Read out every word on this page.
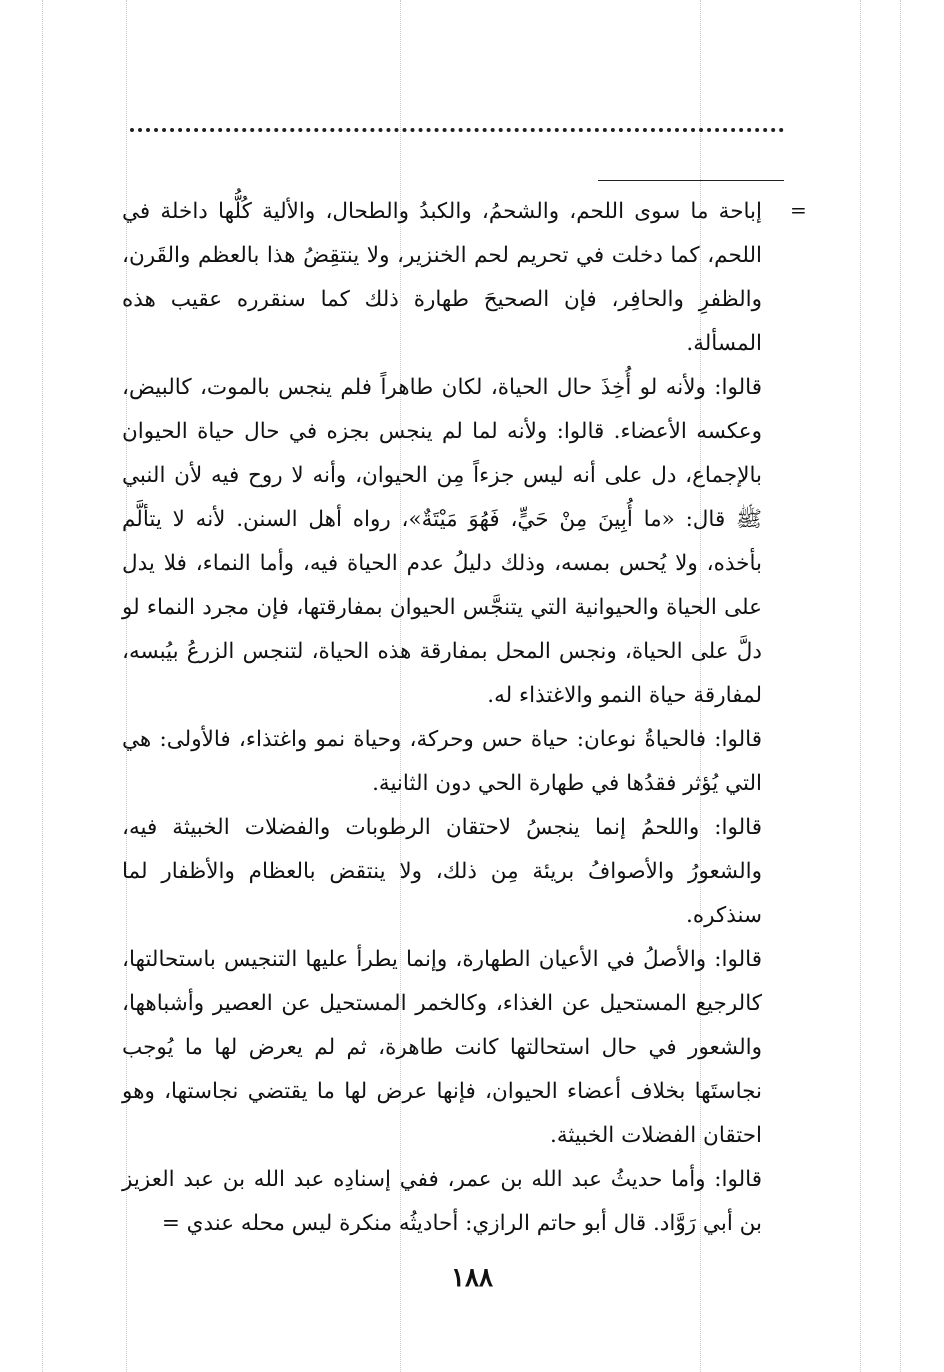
=

إباحة ما سوى اللحم، والشحمُ، والكبدُ والطحال، والألية كُلُّها داخلة في اللحم، كما دخلت في تحريم لحم الخنزير، ولا ينتقِضُ هذا بالعظم والقَرن، والظفرِ والحافِر، فإن الصحيحَ طهارة ذلك كما سنقرره عقيب هذه المسألة.

قالوا: ولأنه لو أُخِذَ حال الحياة، لكان طاهراً فلم ينجس بالموت، كالبيض، وعكسه الأعضاء. قالوا: ولأنه لما لم ينجس بجزه في حال حياة الحيوان بالإجماع، دل على أنه ليس جزءاً مِن الحيوان، وأنه لا روح فيه لأن النبي ﷺ قال: «ما أُبِينَ مِنْ حَيٍّ، فَهُوَ مَيْتَةٌ»، رواه أهل السنن. لأنه لا يتألَّم بأخذه، ولا يُحس بمسه، وذلك دليلُ عدم الحياة فيه، وأما النماء، فلا يدل على الحياة والحيوانية التي يتنجَّس الحيوان بمفارقتها، فإن مجرد النماء لو دلَّ على الحياة، ونجس المحل بمفارقة هذه الحياة، لتنجس الزرعُ بيُبسه، لمفارقة حياة النمو والاغتذاء له.

قالوا: فالحياةُ نوعان: حياة حس وحركة، وحياة نمو واغتذاء، فالأولى: هي التي يُؤثر فقدُها في طهارة الحي دون الثانية.

قالوا: واللحمُ إنما ينجسُ لاحتقان الرطوبات والفضلات الخبيثة فيه، والشعورُ والأصوافُ بريئة مِن ذلك، ولا ينتقض بالعظام والأظفار لما سنذكره.

قالوا: والأصلُ في الأعيان الطهارة، وإنما يطرأ عليها التنجيس باستحالتها، كالرجيع المستحيل عن الغذاء، وكالخمر المستحيل عن العصير وأشباهها، والشعور في حال استحالتها كانت طاهرة، ثم لم يعرض لها ما يُوجب نجاستَها بخلاف أعضاء الحيوان، فإنها عرض لها ما يقتضي نجاستها، وهو احتقان الفضلات الخبيثة.

قالوا: وأما حديثُ عبد الله بن عمر، ففي إسنادِه عبد الله بن عبد العزيز بن أبي رَوَّاد. قال أبو حاتم الرازي: أحاديثُه منكرة ليس محله عندي =

١٨٨
